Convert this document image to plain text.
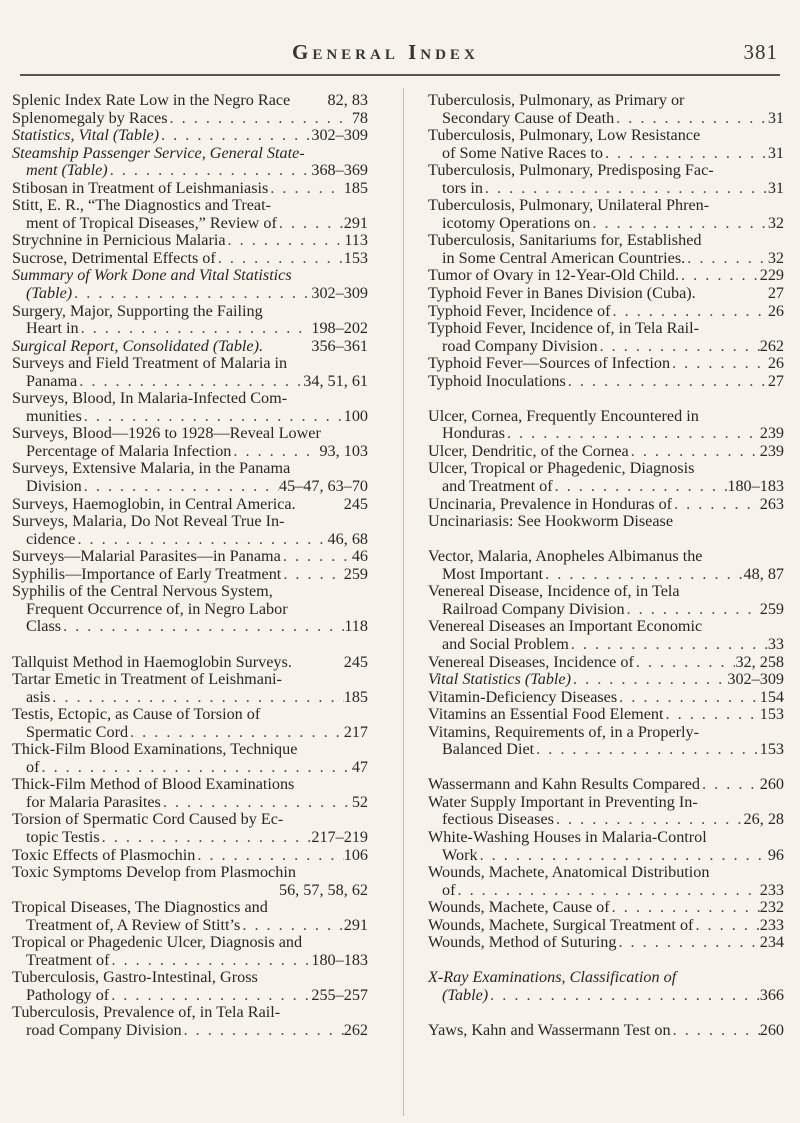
General Index	381
Splenic Index Rate Low in the Negro Race 82, 83
Splenomegaly by Races . . .	78
Statistics, Vital (Table) . . .	302–309
Steamship Passenger Service, General State-
ment (Table) . . .	368–369
Stibosan in Treatment of Leishmaniasis . . .	185
Stitt, E. R., “The Diagnostics and Treat-
ment of Tropical Diseases,” Review of . . .	291
Strychnine in Pernicious Malaria . . .	113
Sucrose, Detrimental Effects of . . .	153
Summary of Work Done and Vital Statistics
(Table) . . .	302–309
Surgery, Major, Supporting the Failing
Heart in . . .	198–202
Surgical Report, Consolidated (Table).	356–361
Surveys and Field Treatment of Malaria in
Panama . . .	34, 51, 61
Surveys, Blood, In Malaria-Infected Com-
munities . . .	100
Surveys, Blood—1926 to 1928—Reveal Lower
Percentage of Malaria Infection . . .	93, 103
Surveys, Extensive Malaria, in the Panama
Division . . .	45–47, 63–70
Surveys, Haemoglobin, in Central America.	245
Surveys, Malaria, Do Not Reveal True In-
cidence . . .	46, 68
Surveys—Malarial Parasites—in Panama . . .	46
Syphilis—Importance of Early Treatment . . .	259
Syphilis of the Central Nervous System,
Frequent Occurrence of, in Negro Labor
Class . . .	118
Tallquist Method in Haemoglobin Surveys.	245
Tartar Emetic in Treatment of Leishmani-
asis . . .	185
Testis, Ectopic, as Cause of Torsion of
Spermatic Cord . . .	217
Thick-Film Blood Examinations, Technique
of . . .	47
Thick-Film Method of Blood Examinations
for Malaria Parasites . . .	52
Torsion of Spermatic Cord Caused by Ec-
topic Testis . . .	217–219
Toxic Effects of Plasmochin . . .	106
Toxic Symptoms Develop from Plasmochin
56, 57, 58, 62
Tropical Diseases, The Diagnostics and
Treatment of, A Review of Stitt’s . . .	291
Tropical or Phagedenic Ulcer, Diagnosis and
Treatment of . . .	180–183
Tuberculosis, Gastro-Intestinal, Gross
Pathology of . . .	255–257
Tuberculosis, Prevalence of, in Tela Rail-
road Company Division . . .	262
Tuberculosis, Pulmonary, as Primary or
Secondary Cause of Death . . .	31
Tuberculosis, Pulmonary, Low Resistance
of Some Native Races to . . .	31
Tuberculosis, Pulmonary, Predisposing Fac-
tors in . . .	31
Tuberculosis, Pulmonary, Unilateral Phren-
icotomy Operations on . . .	32
Tuberculosis, Sanitariums for, Established
in Some Central American Countries. . . .	32
Tumor of Ovary in 12-Year-Old Child. . . .	229
Typhoid Fever in Banes Division (Cuba).	27
Typhoid Fever, Incidence of . . .	26
Typhoid Fever, Incidence of, in Tela Rail-
road Company Division . . .	262
Typhoid Fever—Sources of Infection . . .	26
Typhoid Inoculations . . .	27
Ulcer, Cornea, Frequently Encountered in
Honduras . . .	239
Ulcer, Dendritic, of the Cornea . . .	239
Ulcer, Tropical or Phagedenic, Diagnosis
and Treatment of . . .	180–183
Uncinaria, Prevalence in Honduras of . . .	263
Uncinariasis: See Hookworm Disease
Vector, Malaria, Anopheles Albimanus the
Most Important . . .	48, 87
Venereal Disease, Incidence of, in Tela
Railroad Company Division . . .	259
Venereal Diseases an Important Economic
and Social Problem . . .	33
Venereal Diseases, Incidence of . . .	32, 258
Vital Statistics (Table) . . .	302–309
Vitamin-Deficiency Diseases . . .	154
Vitamins an Essential Food Element . . .	153
Vitamins, Requirements of, in a Properly-
Balanced Diet . . .	153
Wassermann and Kahn Results Compared . . .	260
Water Supply Important in Preventing In-
fectious Diseases . . .	26, 28
White-Washing Houses in Malaria-Control
Work . . .	96
Wounds, Machete, Anatomical Distribution
of . . .	233
Wounds, Machete, Cause of . . .	232
Wounds, Machete, Surgical Treatment of . . .	233
Wounds, Method of Suturing . . .	234
X-Ray Examinations, Classification of
(Table) . . .	366
Yaws, Kahn and Wassermann Test on . . .	260
